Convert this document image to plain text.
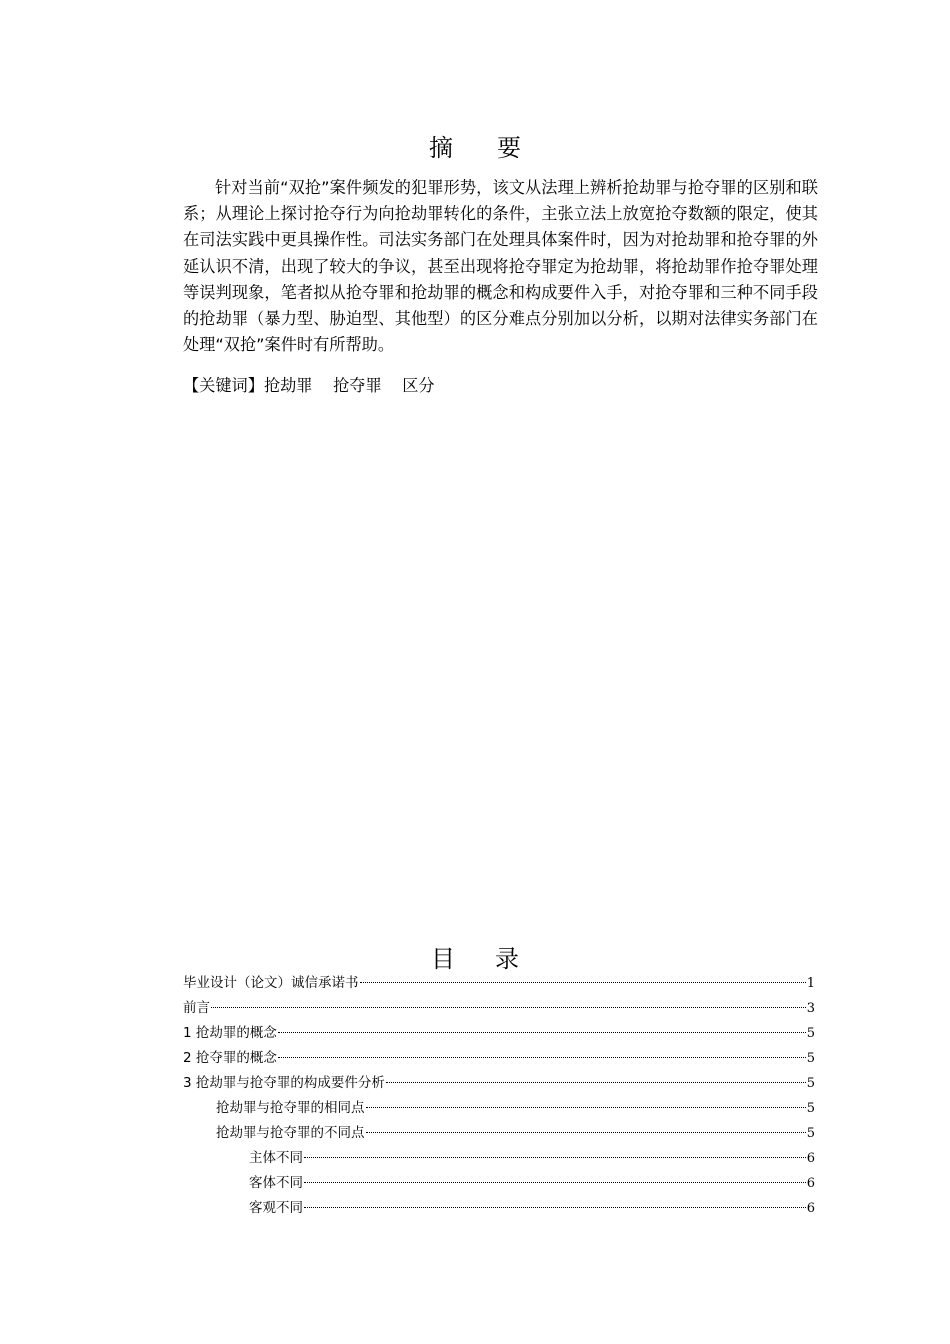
摘要

针对当前“双抢”案件频发的犯罪形势，该文从法理上辨析抢劫罪与抢夺罪的区别和联系；从理论上探讨抢夺行为向抢劫罪转化的条件，主张立法上放宽抢夺数额的限定，使其在司法实践中更具操作性。司法实务部门在处理具体案件时，因为对抢劫罪和抢夺罪的外延认识不清，出现了较大的争议，甚至出现将抢夺罪定为抢劫罪，将抢劫罪作抢夺罪处理等误判现象，笔者拟从抢夺罪和抢劫罪的概念和构成要件入手，对抢夺罪和三种不同手段的抢劫罪（暴力型、胁迫型、其他型）的区分难点分别加以分析，以期对法律实务部门在处理“双抢”案件时有所帮助。

【关键词】抢劫罪    抢夺罪    区分
目录
毕业设计（论文）诚信承诺书	1
前言	3
1 抢劫罪的概念	5
2 抢夺罪的概念	5
3 抢劫罪与抢夺罪的构成要件分析	5
抢劫罪与抢夺罪的相同点	5
抢劫罪与抢夺罪的不同点	5
主体不同	6
客体不同	6
客观不同	6
